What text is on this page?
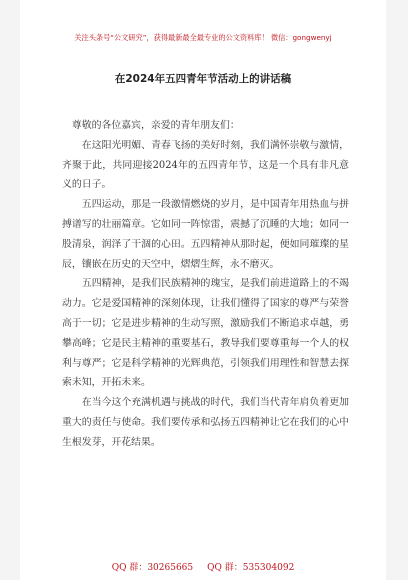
关注头条号“公文研究”，获得最新最全最专业的公文资料库！ 微信：gongwenyj
在2024年五四青年节活动上的讲话稿

尊敬的各位嘉宾，亲爱的青年朋友们：

在这阳光明媚、青春飞扬的美好时刻，我们满怀崇敬与激情，齐聚于此，共同迎接2024年的五四青年节，这是一个具有非凡意义的日子。

五四运动，那是一段激情燃烧的岁月，是中国青年用热血与拼搏谱写的壮丽篇章。它如同一阵惊雷，震撼了沉睡的大地；如同一股清泉，润泽了干涸的心田。五四精神从那时起，便如同璀璨的星辰，镶嵌在历史的天空中，熠熠生辉，永不磨灭。

五四精神，是我们民族精神的瑰宝，是我们前进道路上的不竭动力。它是爱国精神的深刻体现，让我们懂得了国家的尊严与荣誉高于一切；它是进步精神的生动写照，激励我们不断追求卓越，勇攀高峰；它是民主精神的重要基石，教导我们要尊重每一个人的权利与尊严；它是科学精神的光辉典范，引领我们用理性和智慧去探索未知，开拓未来。

在当今这个充满机遇与挑战的时代，我们当代青年肩负着更加重大的责任与使命。我们要传承和弘扬五四精神让它在我们的心中生根发芽，开花结果。

QQ 群：30265665 QQ 群：535304092
